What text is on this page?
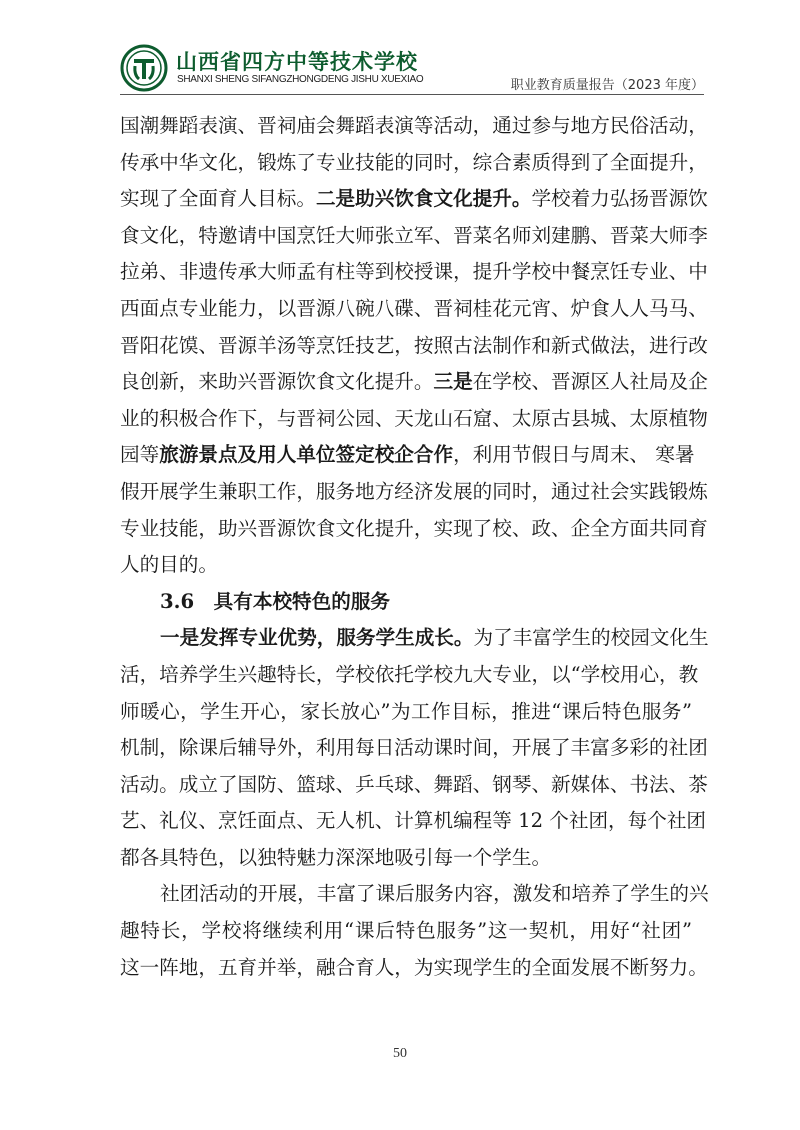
山西省四方中等技术学校
SHANXI SHENG SIFANGZHONGDENG JISHU XUEXIAO	职业教育质量报告（2023 年度）
国潮舞蹈表演、晋祠庙会舞蹈表演等活动，通过参与地方民俗活动，
传承中华文化，锻炼了专业技能的同时，综合素质得到了全面提升，
实现了全面育人目标。二是助兴饮食文化提升。学校着力弘扬晋源饮
食文化，特邀请中国烹饪大师张立军、晋菜名师刘建鹏、晋菜大师李
拉弟、非遗传承大师孟有柱等到校授课，提升学校中餐烹饪专业、中
西面点专业能力，以晋源八碗八碟、晋祠桂花元宵、炉食人人马马、
晋阳花馍、晋源羊汤等烹饪技艺，按照古法制作和新式做法，进行改
良创新，来助兴晋源饮食文化提升。三是在学校、晋源区人社局及企
业的积极合作下，与晋祠公园、天龙山石窟、太原古县城、太原植物
园等旅游景点及用人单位签定校企合作，利用节假日与周末、 寒暑
假开展学生兼职工作，服务地方经济发展的同时，通过社会实践锻炼
专业技能，助兴晋源饮食文化提升，实现了校、政、企全方面共同育
人的目的。
3.6　具有本校特色的服务
一是发挥专业优势，服务学生成长。为了丰富学生的校园文化生
活，培养学生兴趣特长，学校依托学校九大专业，以“学校用心，教
师暖心，学生开心，家长放心”为工作目标，推进“课后特色服务”
机制，除课后辅导外，利用每日活动课时间，开展了丰富多彩的社团
活动。成立了国防、篮球、乒乓球、舞蹈、钢琴、新媒体、书法、茶
艺、礼仪、烹饪面点、无人机、计算机编程等 12 个社团，每个社团
都各具特色，以独特魅力深深地吸引每一个学生。
社团活动的开展，丰富了课后服务内容，激发和培养了学生的兴
趣特长，学校将继续利用“课后特色服务”这一契机，用好“社团”
这一阵地，五育并举，融合育人，为实现学生的全面发展不断努力。
50
